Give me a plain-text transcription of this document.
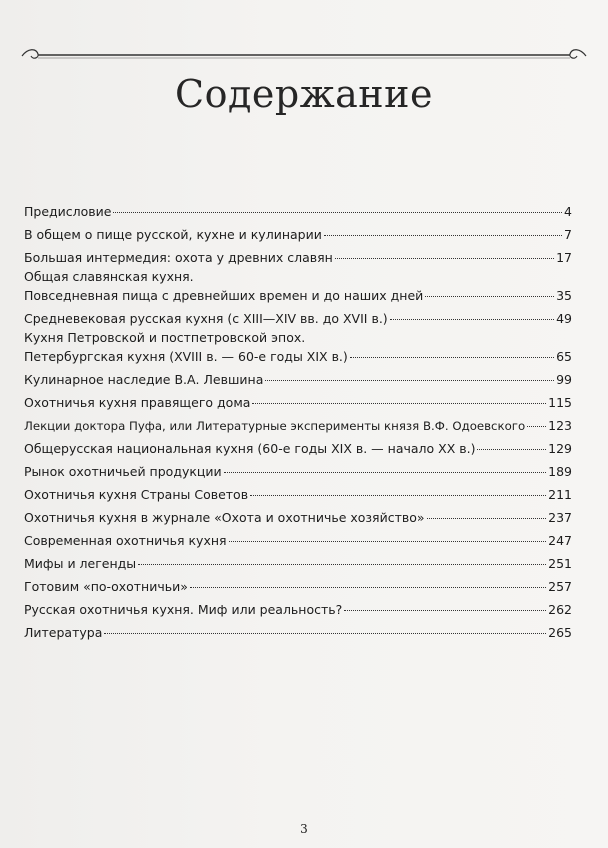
Содержание
Предисловие	4
В общем о пище русской, кухне и кулинарии	7
Большая интермедия: охота у древних славян	17
Общая славянская кухня.
Повседневная пища с древнейших времен и до наших дней	35
Средневековая русская кухня (с XIII—XIV вв. до XVII в.)	49
Кухня Петровской и постпетровской эпох.
Петербургская кухня (XVIII в. — 60-е годы XIX в.)	65
Кулинарное наследие В.А. Левшина	99
Охотничья кухня правящего дома	115
Лекции доктора Пуфа, или Литературные эксперименты князя В.Ф. Одоевского 123
Общерусская национальная кухня (60-е годы XIX в. — начало XX в.)	129
Рынок охотничьей продукции	189
Охотничья кухня Страны Советов	211
Охотничья кухня в журнале «Охота и охотничье хозяйство»	237
Современная охотничья кухня	247
Мифы и легенды	251
Готовим «по-охотничьи»	257
Русская охотничья кухня. Миф или реальность?	262
Литература	265
3
